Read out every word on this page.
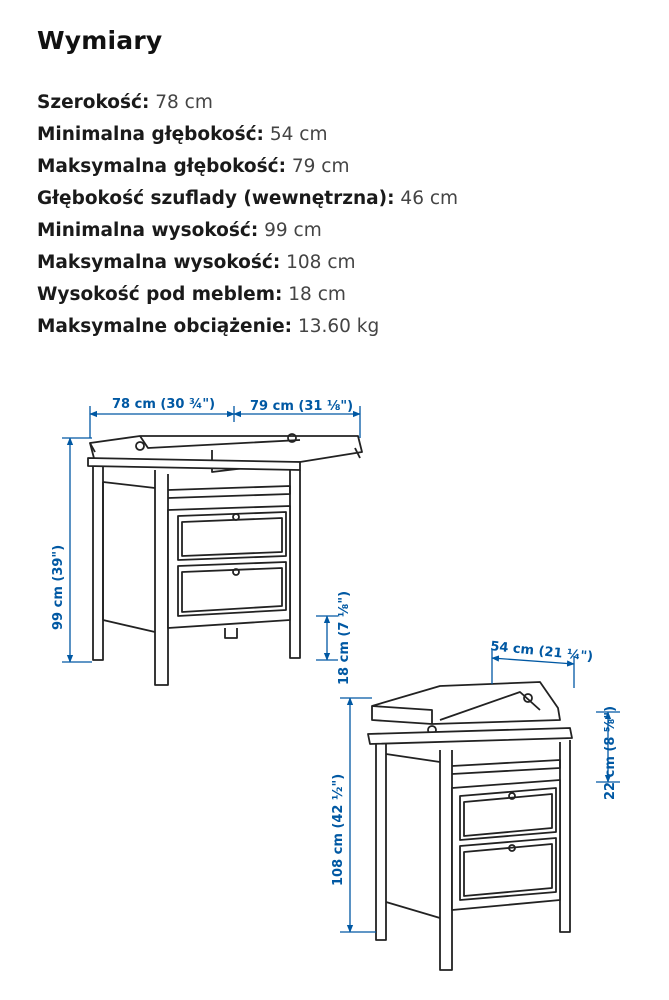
Wymiary
Szerokość: 78 cm
Minimalna głębokość: 54 cm
Maksymalna głębokość: 79 cm
Głębokość szuflady (wewnętrzna): 46 cm
Minimalna wysokość: 99 cm
Maksymalna wysokość: 108 cm
Wysokość pod meblem: 18 cm
Maksymalne obciążenie: 13.60 kg
78 cm (30 ¾")	79 cm (31 ⅛")
99 cm (39")
18 cm (7 ⅛")	54 cm (21 ¼")
108 cm (42 ½")
22 cm (8 ⅝")
